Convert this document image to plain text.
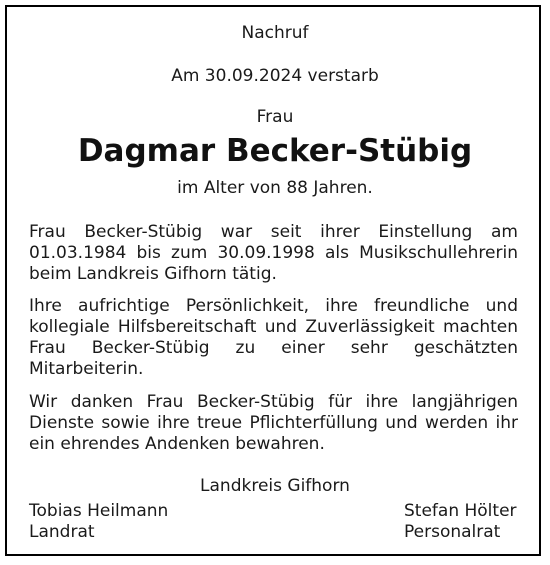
Nachruf
Am 30.09.2024 verstarb
Frau
Dagmar Becker-Stübig
im Alter von 88 Jahren.
Frau Becker-Stübig war seit ihrer Einstellung am 01.03.1984 bis zum 30.09.1998 als Musikschullehrerin beim Landkreis Gifhorn tätig.
Ihre aufrichtige Persönlichkeit, ihre freundliche und kollegiale Hilfsbereitschaft und Zuverlässigkeit machten Frau Becker-Stübig zu einer sehr geschätzten Mitarbeiterin.
Wir danken Frau Becker-Stübig für ihre langjährigen Dienste sowie ihre treue Pflichterfüllung und werden ihr ein ehrendes Andenken bewahren.
Landkreis Gifhorn
Tobias Heilmann
Landrat
Stefan Hölter
Personalrat
